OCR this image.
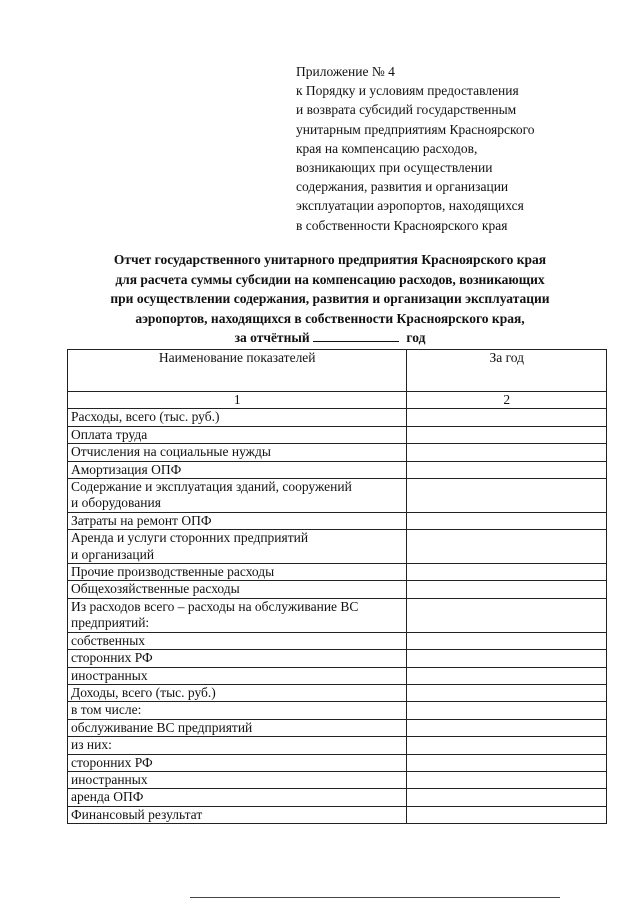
Приложение № 4
к Порядку и условиям предоставления
и возврата субсидий государственным
унитарным предприятиям Красноярского
края на компенсацию расходов,
возникающих при осуществлении
содержания, развития и организации
эксплуатации аэропортов, находящихся
в собственности Красноярского края
Отчет государственного унитарного предприятия Красноярского края
для расчета суммы субсидии на компенсацию расходов, возникающих
при осуществлении содержания, развития и организации эксплуатации
аэропортов, находящихся в собственности Красноярского края,
за отчётный	год
Наименование показателей	За год
1	2
Расходы, всего (тыс. руб.)	
Оплата труда	
Отчисления на социальные нужды	
Амортизация ОПФ	
Содержание и эксплуатация зданий, сооружений
и оборудования	
Затраты на ремонт ОПФ	
Аренда и услуги сторонних предприятий
и организаций	
Прочие производственные расходы	
Общехозяйственные расходы	
Из расходов всего – расходы на обслуживание ВС
предприятий:	
собственных	
сторонних РФ	
иностранных	
Доходы, всего (тыс. руб.)	
в том числе:	
обслуживание ВС предприятий	
из них:	
сторонних РФ	
иностранных	
аренда ОПФ	
Финансовый результат	
